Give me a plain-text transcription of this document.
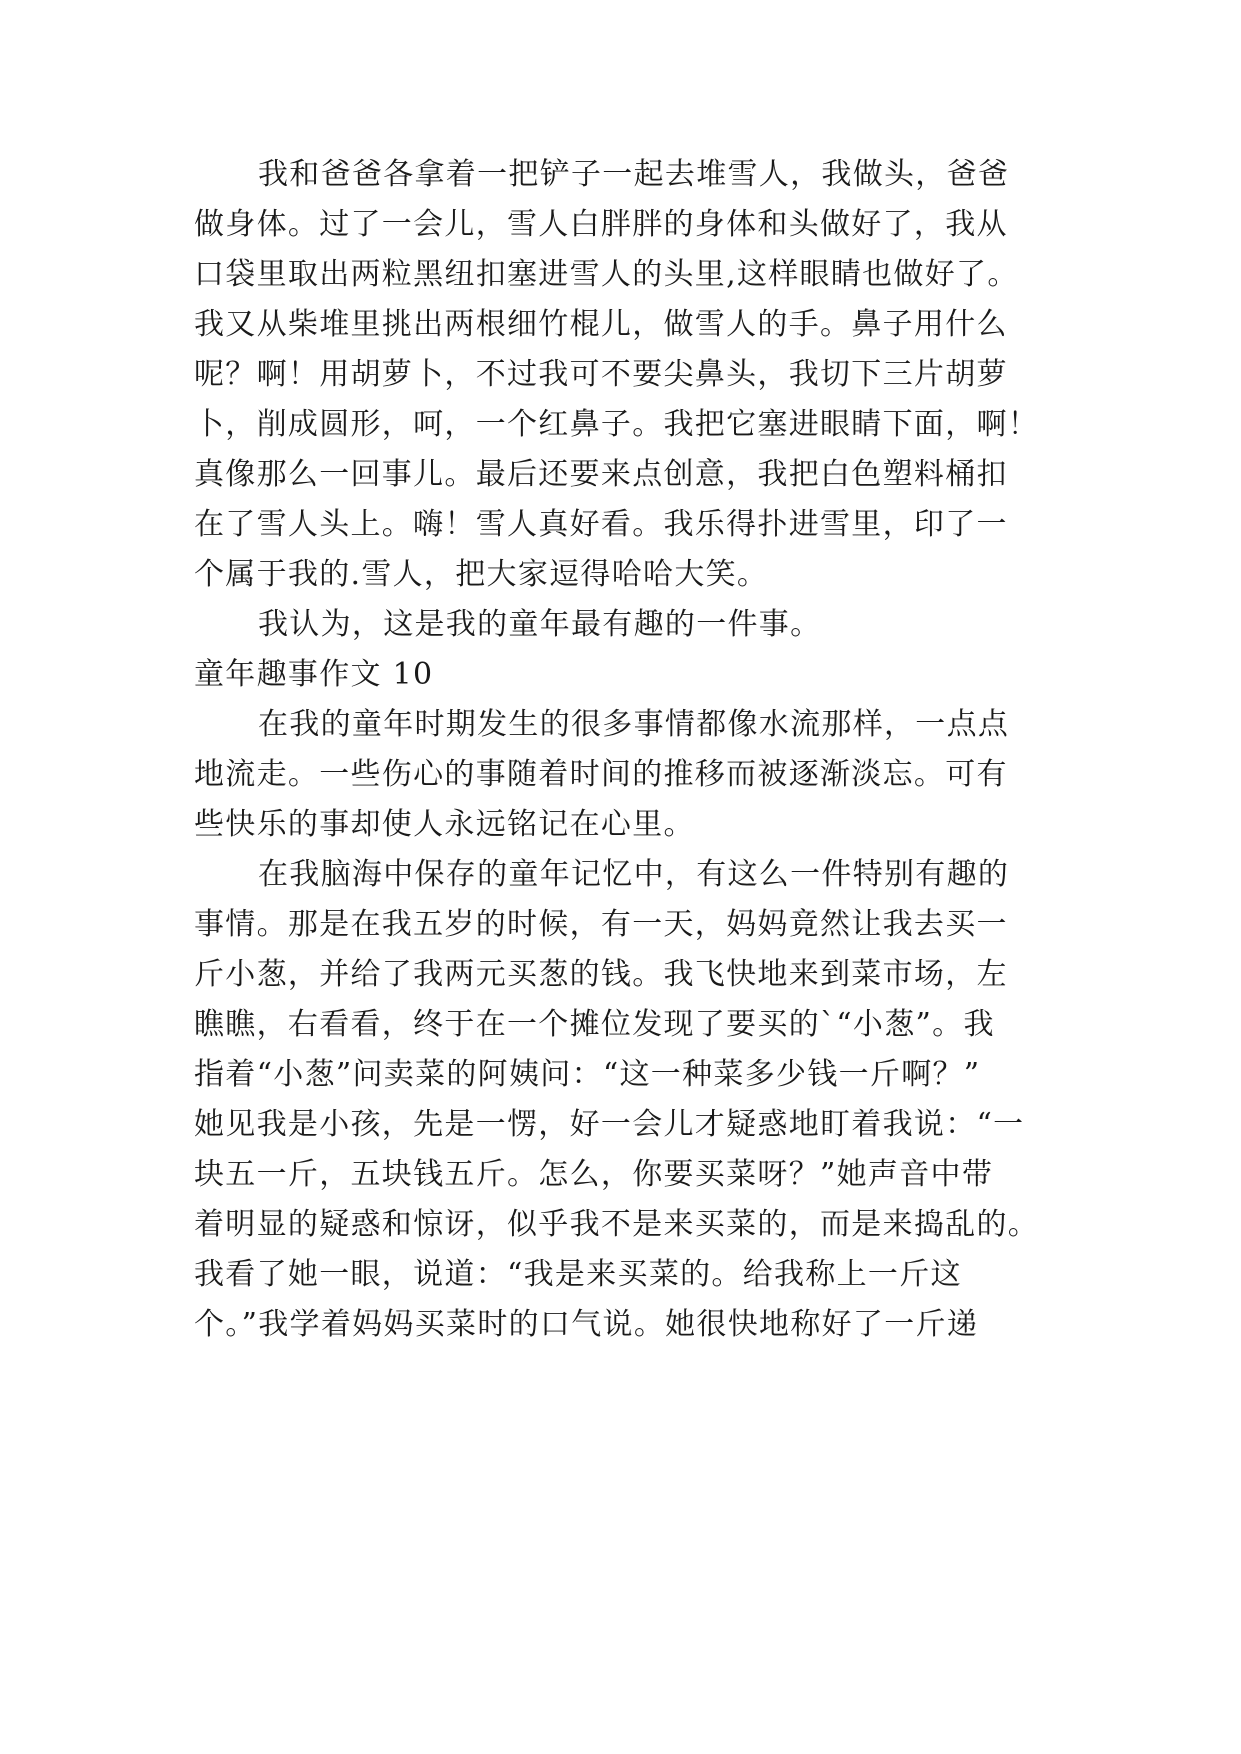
我和爸爸各拿着一把铲子一起去堆雪人，我做头，爸爸
做身体。过了一会儿，雪人白胖胖的身体和头做好了，我从
口袋里取出两粒黑纽扣塞进雪人的头里,这样眼睛也做好了。
我又从柴堆里挑出两根细竹棍儿，做雪人的手。鼻子用什么
呢？啊！用胡萝卜，不过我可不要尖鼻头，我切下三片胡萝
卜，削成圆形，呵，一个红鼻子。我把它塞进眼睛下面，啊！
真像那么一回事儿。最后还要来点创意，我把白色塑料桶扣
在了雪人头上。嗨！雪人真好看。我乐得扑进雪里，印了一
个属于我的.雪人，把大家逗得哈哈大笑。
我认为，这是我的童年最有趣的一件事。
童年趣事作文 10
在我的童年时期发生的很多事情都像水流那样，一点点
地流走。一些伤心的事随着时间的推移而被逐渐淡忘。可有
些快乐的事却使人永远铭记在心里。
在我脑海中保存的童年记忆中，有这么一件特别有趣的
事情。那是在我五岁的时候，有一天，妈妈竟然让我去买一
斤小葱，并给了我两元买葱的钱。我飞快地来到菜市场，左
瞧瞧，右看看，终于在一个摊位发现了要买的`“小葱”。我
指着“小葱”问卖菜的阿姨问：“这一种菜多少钱一斤啊？”
她见我是小孩，先是一愣，好一会儿才疑惑地盯着我说：“一
块五一斤，五块钱五斤。怎么，你要买菜呀？”她声音中带
着明显的疑惑和惊讶，似乎我不是来买菜的，而是来捣乱的。
我看了她一眼，说道：“我是来买菜的。给我称上一斤这
个。”我学着妈妈买菜时的口气说。她很快地称好了一斤递
